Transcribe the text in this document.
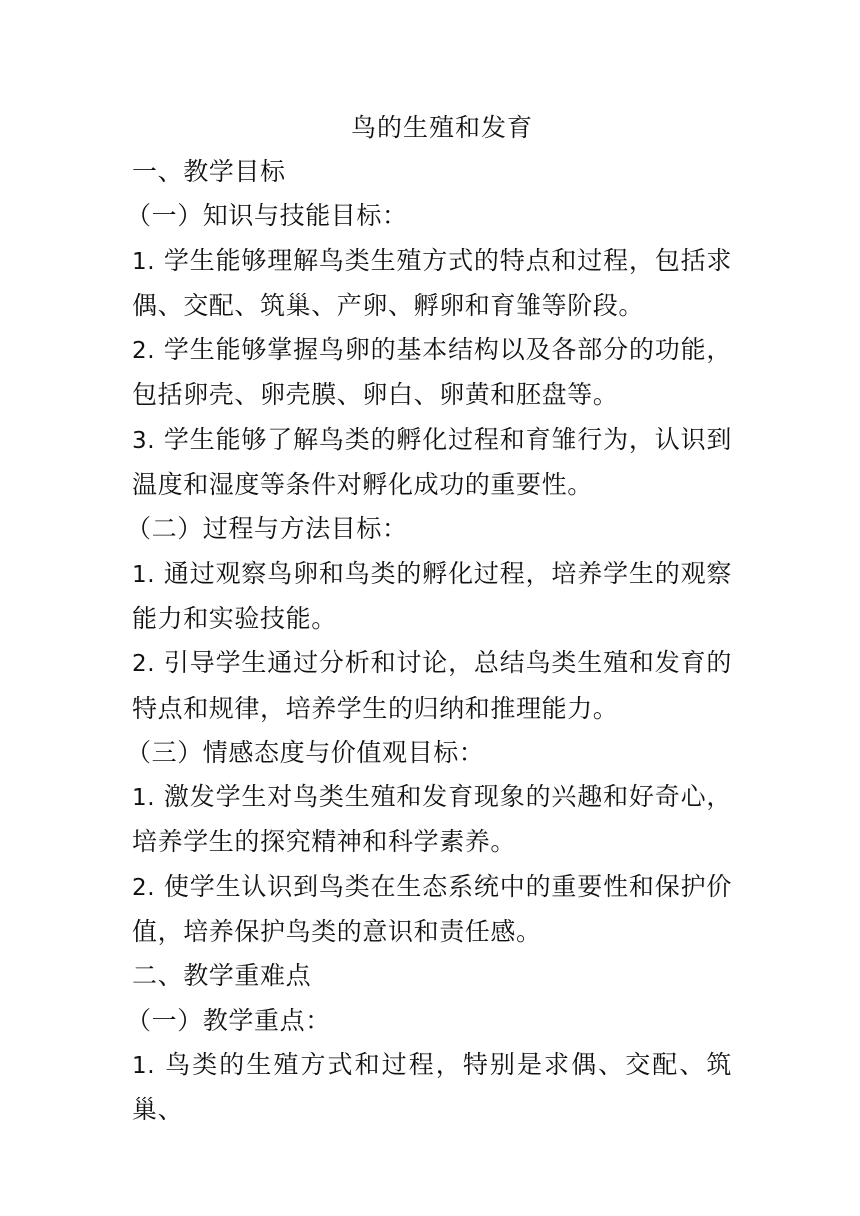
鸟的生殖和发育

一、教学目标

（一）知识与技能目标：

1. 学生能够理解鸟类生殖方式的特点和过程，包括求偶、交配、筑巢、产卵、孵卵和育雏等阶段。

2. 学生能够掌握鸟卵的基本结构以及各部分的功能，包括卵壳、卵壳膜、卵白、卵黄和胚盘等。

3. 学生能够了解鸟类的孵化过程和育雏行为，认识到温度和湿度等条件对孵化成功的重要性。

（二）过程与方法目标：

1. 通过观察鸟卵和鸟类的孵化过程，培养学生的观察能力和实验技能。

2. 引导学生通过分析和讨论，总结鸟类生殖和发育的特点和规律，培养学生的归纳和推理能力。

（三）情感态度与价值观目标：

1. 激发学生对鸟类生殖和发育现象的兴趣和好奇心，培养学生的探究精神和科学素养。

2. 使学生认识到鸟类在生态系统中的重要性和保护价值，培养保护鸟类的意识和责任感。

二、教学重难点

（一）教学重点：

1. 鸟类的生殖方式和过程，特别是求偶、交配、筑巢、
